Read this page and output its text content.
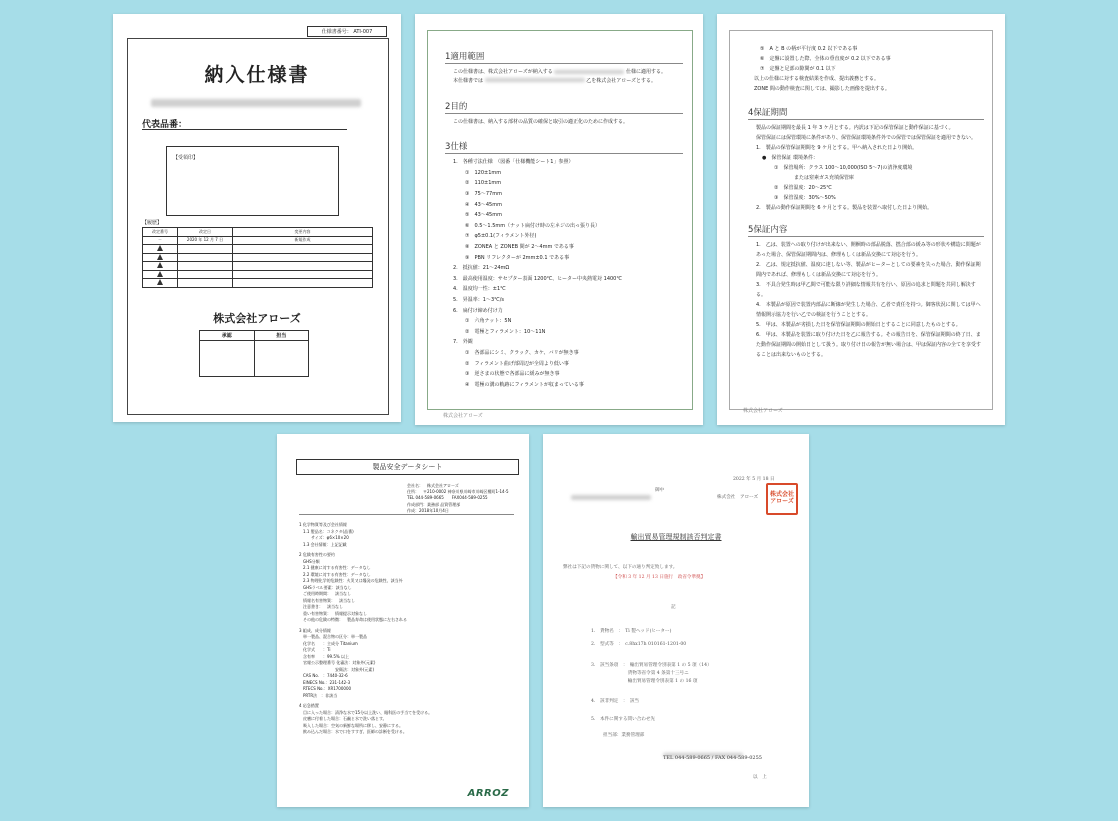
仕様書番号： ATI-007
納入仕様書
代表品番：
【受領印】
【履歴】
改定番号	改定日	変更内容
－	2020 年 12 月 7 日	新規作成

株式会社アローズ
承認	担当

1適用範囲
この仕様書は、株式会社アローズが納入する	仕様に適用する。
本仕様書では	乙を株式会社アローズとする。
2目的
この仕様書は、納入する部材の品質の確保と取引の適正化のために作成する。
3仕様
1.　各種寸法仕様　（図番「仕様機能シート1」参照）
①　120±1mm
②　110±1mm
③　75〜77mm
④　43〜45mm
⑤　43〜45mm
⑥　0.5〜1.5mm（ナット扁付け時の左ネジの出っ張り長）
⑦　φ5±0.1(フィラメント外径)
⑧　ZONEA と ZONEB 間が 2〜4mm である事
⑨　PBN リフレクターが 2mm±0.1 である事
2.　抵抗値：21〜24mΩ
3.　最高使用温度：サセプター表面 1200℃、ヒーター中央熱電対 1400℃
4.　温度均一性：±1℃
5.　昇温率：1〜3℃/s
6.　扁付け締め付け力
①　六角ナット：5N
②　電極とフィラメント：10〜11N
7.　外観
①　各部品にシミ、クラック、カケ、バリが無き事
②　フィラメント曲げ部周辺が全周より低い事
③　逆さまの状態で各部品に緩みが無き事
④　電極の溝の軌跡にフィラメントが収まっている事
株式会社アローズ
⑤　A と B の柄が平行度 0.2 以下である事
⑥　定盤に設置した際、全体の垂直度が 0.2 以下である事
⑦　定盤と足部の隙間が 0.1 以下
以上の仕様に対する検査結果を作成、提出義務とする。
ZONE 間の動作検査に関しては、撮影した画像を提出する。
4保証期間
製品の保証期間を最長 1 年 3 ケ月とする。内訳は下記の保管保証と動作保証に基づく。
保管保証には保管環境に条件があり、保管保証環境条件外での保管では保管保証を適用できない。
1.　製品の保管保証期間を 9 ケ月とする。甲へ納入された日より開始。
●　保管保証 環境条件：
①　保管場所：クラス 100〜10,000(ISO 5〜7)の清浄度環境
　　　　または窒素ガス充填保管庫
②　保管温度：20〜25℃
③　保管湿度：30%〜50%
2.　製品の動作保証期間を 6 ケ月とする。製品を装置へ取付した日より開始。
5保証内容
1.　乙は、装置への取り付けが出来ない、開梱時の部品脱落、撚合部の緩み等の形状や構造に問題があった場合、保管保証期間内は、修理もしくは新品交換にて対応を行う。
2.　乙は、規定抵抗値、温度に達しない等、製品がヒーターとしての要素を失った場合、動作保証期間内であれば、修理もしくは新品交換にて対応を行う。
3.　不具合発生時は甲乙間で可能な限り詳細な情報共有を行い、原因の追求と問題を共同し解決する。
4.　本製品が原因で装置内部品に断線が発生した場合、乙者で責任を持つ。御客状況に関しては甲へ情報開示協力を行い乙での検証を行うこととする。
5.　甲は、本製品が劣損した日を保管保証期間の開始日とすることに同意したものとする。
6.　甲は、本製品を装置に取り付けた日を乙に報告する。その報告日を、保管保証期間の終了日、また動作保証期間の開始日として扱う。取り付け日の報告が無い場合は、甲は保証内容の全てを享受することは出来ないものとする。
株式会社アローズ
製品安全データシート
会社名：　株式会社アローズ
住所：　〒210-0002 神奈川県川崎市川崎区榎町1-14-5
TEL 044-589-0665　　FAX044-589-0255
作成部門：業務部 品質管理部
作成：2018年10月4日
1 化学物質等及び会社情報
1.1 製品名：コネクタ(品番)
　　サイズ：φ6×10×20
1.3 会社情報：上記記載
2 危険有害性の要約
GHS分類
2.1 健康に対する有害性：データなし
2.2 環境に対する有害性：データなし
2.3 物理化学的危険性：火災又は爆発の危険性、該当外
GHSラベル要素：該当なし
ご使用時期間：　該当なし
情報名有害物質：　該当なし
注意書き：　該当なし
重い有害物質：　情報提示対象なし
その他の危険の特徴：　製品寿命は使用状態に左右される
3 組成、成分情報
単一製品、混合物の区分：単一製品
化学名　　：主成分 Titanium
化学式　　：Ti
含有率　　：99.5% 以上
官報公示整理番号 化審法：対象外(元素)
　　　　　　　　安衛法：対象外(元素)
CAS No.　：7440-32-6
EINECS No.：231-142-3
RTECS No.：XR1700000
PRTR法　：非該当
4 応急措置
目に入った場合：清浄な水で15分以上洗い、眼科医の手当てを受ける。
皮膚に付着した場合：石鹸と水で洗い落とす。
吸入した場合：空気の新鮮な場所に移し、安静にする。
飲み込んだ場合：水で口をすすぎ、医師の診断を受ける。
ARROZ
2022 年 5 月 18 日
御中
株式会社　アローズ	株式会社アローズ
輸出貿易管理規制該否判定書
弊社は下記の貨物に関して、以下の通り判定致します。
【令和 3 年 12 月 13 日施行　政省令準拠】
記
1.　貨物名　：　Ti 製ヘッド(ヒーター)
2.　型式等　：　c.8hx17h 010161-1201-00
3.　該当条項　：　輸出貿易管理令別表第 1 の 5 項（14）
　　　　　　　　貨物等省令第 4 条第十三号ニ
　　　　　　　　輸出貿易管理令別表第 1 の 16 項
4.　該非判定　：　該当
5.　本件に関する問い合わせ先
担当部：業務管理部
TEL 044-589-0665 / FAX 044-589-0255
以　上
